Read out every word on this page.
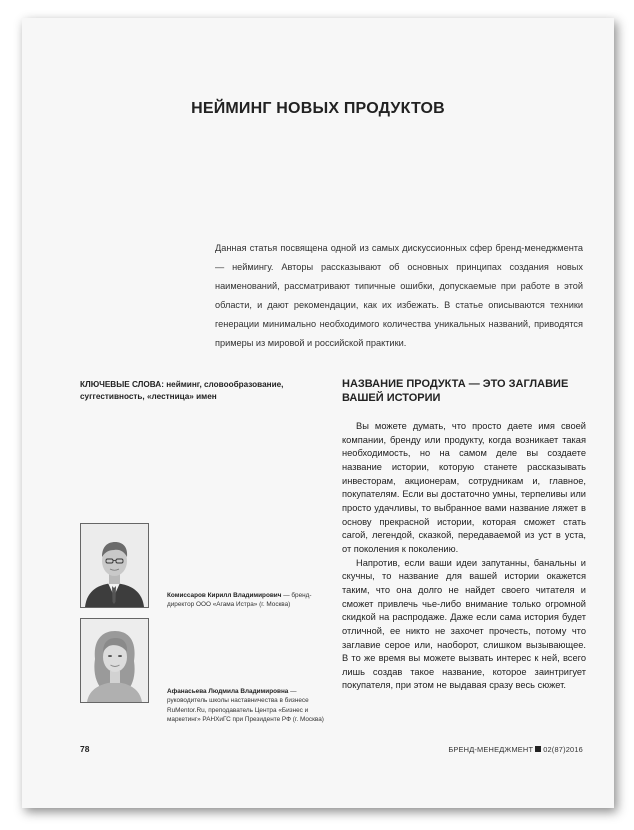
НЕЙМИНГ НОВЫХ ПРОДУКТОВ
Данная статья посвящена одной из самых дискуссионных сфер бренд-менеджмента — неймингу. Авторы рассказывают об основных принципах создания новых наименований, рассматривают типичные ошибки, допускаемые при работе в этой области, и дают рекомендации, как их избежать. В статье описываются техники генерации минимально необходимого количества уникальных названий, приводятся примеры из мировой и российской практики.
КЛЮЧЕВЫЕ СЛОВА: нейминг, словообразование, суггестивность, «лестница» имен
НАЗВАНИЕ ПРОДУКТА — ЭТО ЗАГЛАВИЕ ВАШЕЙ ИСТОРИИ

Вы можете думать, что просто даете имя своей компании, бренду или продукту, когда возникает такая необходимость, но на самом деле вы создаете название истории, которую станете рассказывать инвесторам, акционерам, сотрудникам и, главное, покупателям. Если вы достаточно умны, терпеливы или просто удачливы, то выбранное вами название ляжет в основу прекрасной истории, которая сможет стать сагой, легендой, сказкой, передаваемой из уст в уста, от поколения к поколению.

Напротив, если ваши идеи запутанны, банальны и скучны, то название для вашей истории окажется таким, что она долго не найдет своего читателя и сможет привлечь чье-либо внимание только огромной скидкой на распродаже. Даже если сама история будет отличной, ее никто не захочет прочесть, потому что заглавие серое или, наоборот, слишком вызывающее. В то же время вы можете вызвать интерес к ней, всего лишь создав такое название, которое заинтригует покупателя, при этом не выдавая сразу весь сюжет.

Комиссаров Кирилл Владимирович — бренд-директор ООО «Агама Истра» (г. Москва)
Афанасьева Людмила Владимировна — руководитель школы наставничества в бизнесе RuMentor.Ru, преподаватель Центра «Бизнес и маркетинг» РАНХиГС при Президенте РФ (г. Москва)
78	БРЕНД-МЕНЕДЖМЕНТ 02(87)2016
